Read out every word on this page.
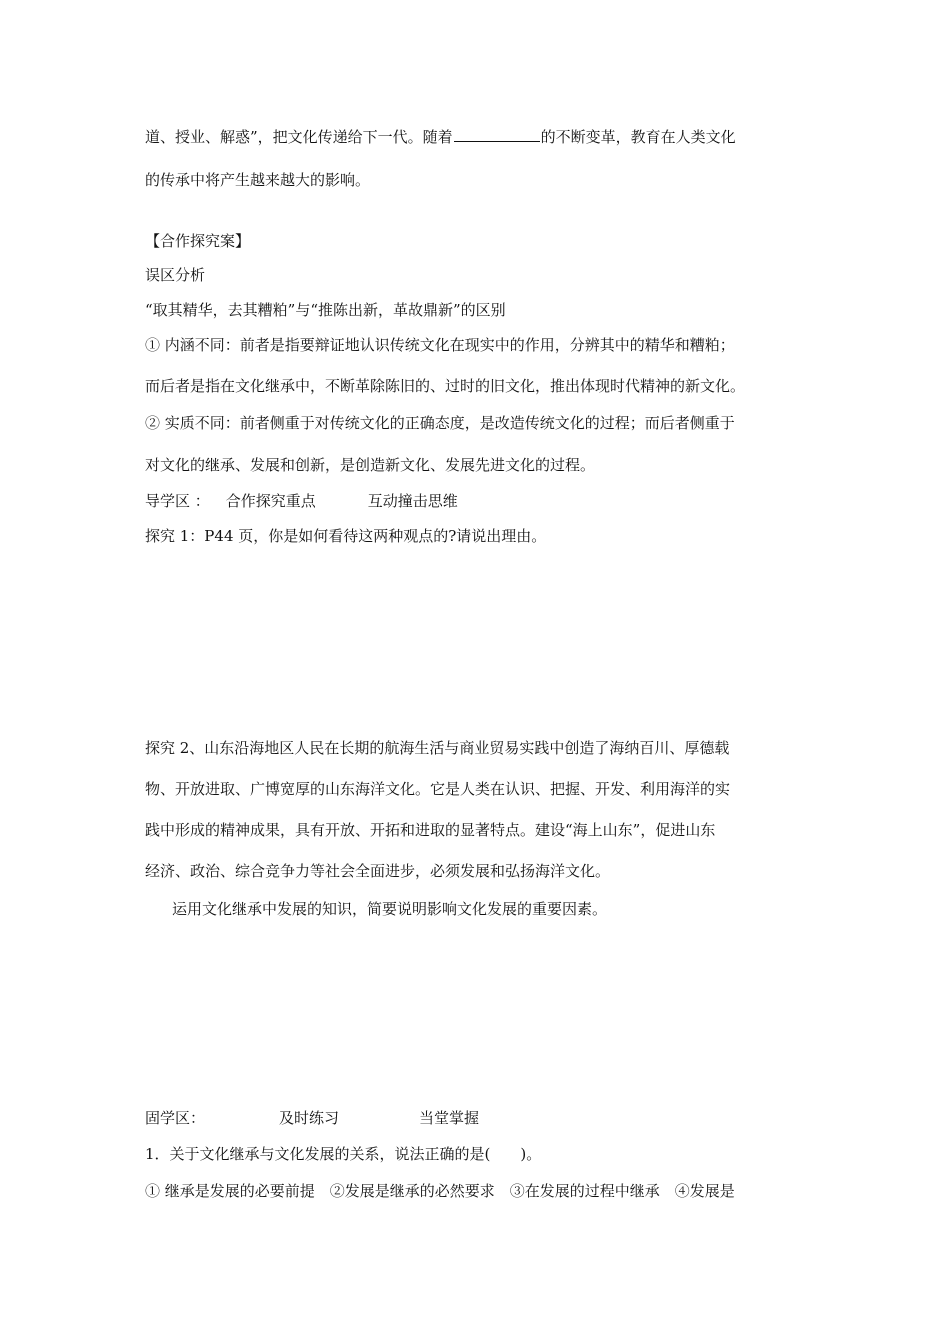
道、授业、解惑”，把文化传递给下一代。随着	的不断变革，教育在人类文化
的传承中将产生越来越大的影响。
【合作探究案】
误区分析
“取其精华，去其糟粕”与“推陈出新，革故鼎新”的区别
① 内涵不同：前者是指要辩证地认识传统文化在现实中的作用，分辨其中的精华和糟粕；
而后者是指在文化继承中，不断革除陈旧的、过时的旧文化，推出体现时代精神的新文化。
② 实质不同：前者侧重于对传统文化的正确态度，是改造传统文化的过程；而后者侧重于
对文化的继承、发展和创新，是创造新文化、发展先进文化的过程。
导学区 ： 合作探究重点	互动撞击思维
探究 1：P44 页，你是如何看待这两种观点的?请说出理由。
探究 2、山东沿海地区人民在长期的航海生活与商业贸易实践中创造了海纳百川、厚德载
物、开放进取、广博宽厚的山东海洋文化。它是人类在认识、把握、开发、利用海洋的实
践中形成的精神成果，具有开放、开拓和进取的显著特点。建设“海上山东”，促进山东
经济、政治、综合竞争力等社会全面进步，必须发展和弘扬海洋文化。
运用文化继承中发展的知识，简要说明影响文化发展的重要因素。
固学区：	及时练习	当堂掌握
1．关于文化继承与文化发展的关系，说法正确的是(　　)。
① 继承是发展的必要前提　②发展是继承的必然要求　③在发展的过程中继承　④发展是
